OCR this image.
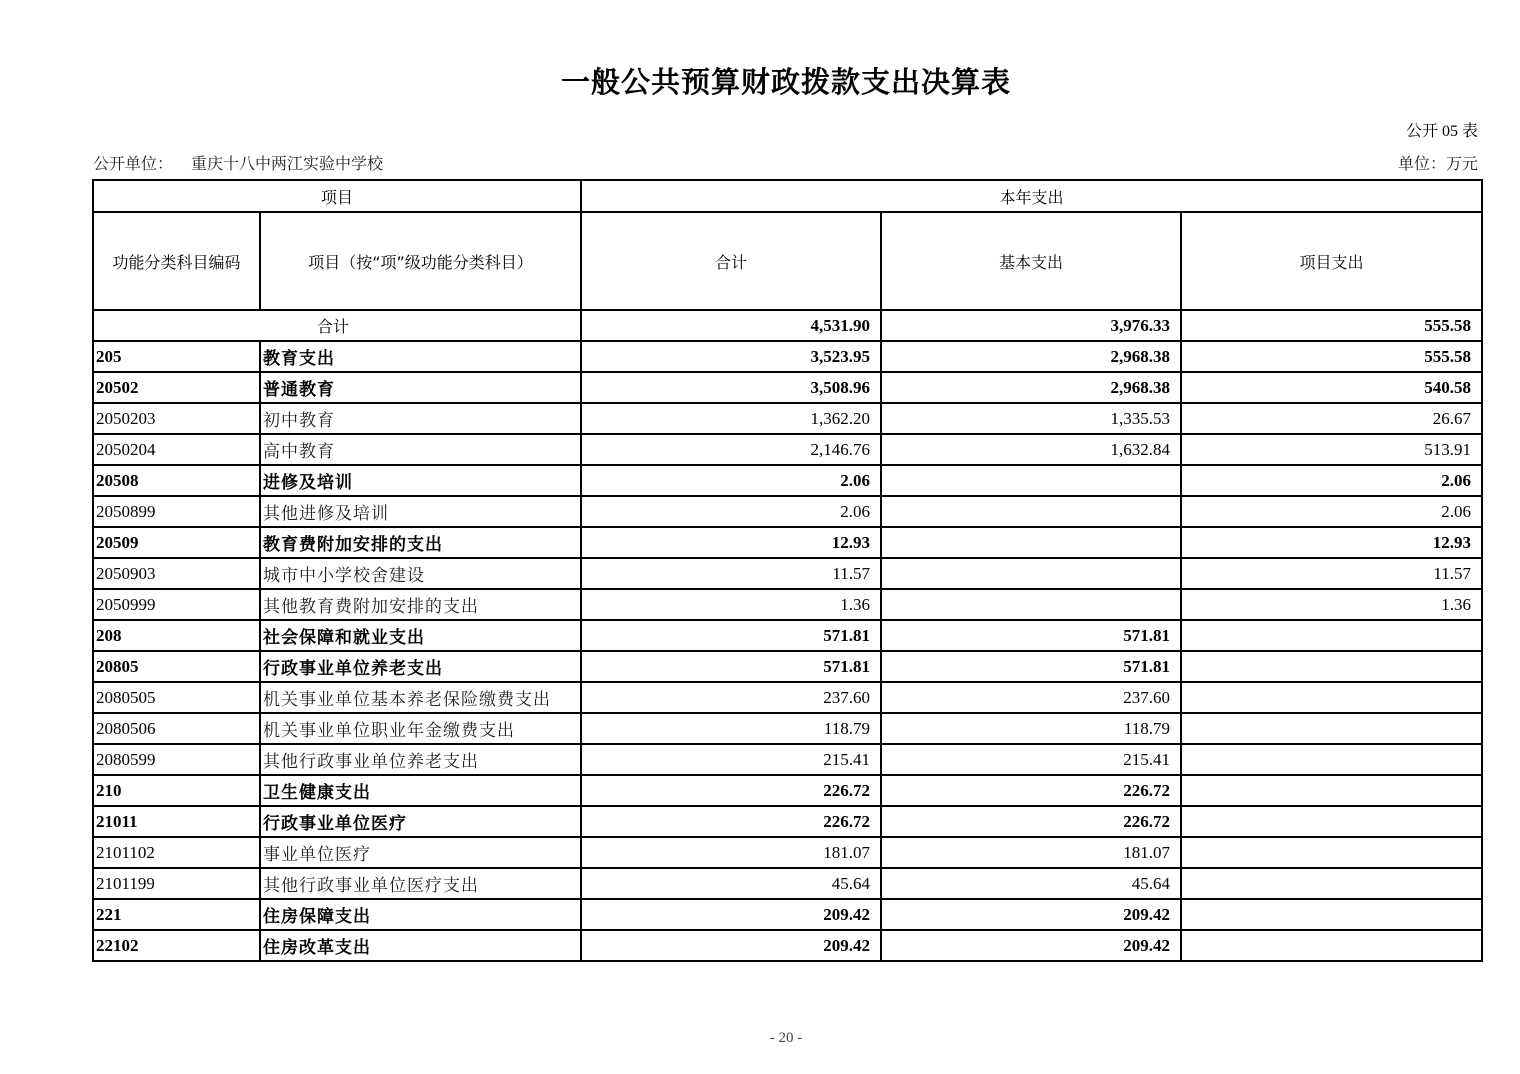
一般公共预算财政拨款支出决算表
公开 05 表
公开单位： 重庆十八中两江实验中学校	单位：万元
项目		本年支出		
功能分类科目编码	项目（按“项”级功能分类科目）	合计	基本支出	项目支出
合计		4,531.90	3,976.33	555.58
205	教育支出	3,523.95	2,968.38	555.58
20502	普通教育	3,508.96	2,968.38	540.58
2050203	初中教育	1,362.20	1,335.53	26.67
2050204	高中教育	2,146.76	1,632.84	513.91
20508	进修及培训	2.06		2.06
2050899	其他进修及培训	2.06		2.06
20509	教育费附加安排的支出	12.93		12.93
2050903	城市中小学校舍建设	11.57		11.57
2050999	其他教育费附加安排的支出	1.36		1.36
208	社会保障和就业支出	571.81	571.81	
20805	行政事业单位养老支出	571.81	571.81	
2080505	机关事业单位基本养老保险缴费支出	237.60	237.60	
2080506	机关事业单位职业年金缴费支出	118.79	118.79	
2080599	其他行政事业单位养老支出	215.41	215.41	
210	卫生健康支出	226.72	226.72	
21011	行政事业单位医疗	226.72	226.72	
2101102	事业单位医疗	181.07	181.07	
2101199	其他行政事业单位医疗支出	45.64	45.64	
221	住房保障支出	209.42	209.42	
22102	住房改革支出	209.42	209.42	
- 20 -
